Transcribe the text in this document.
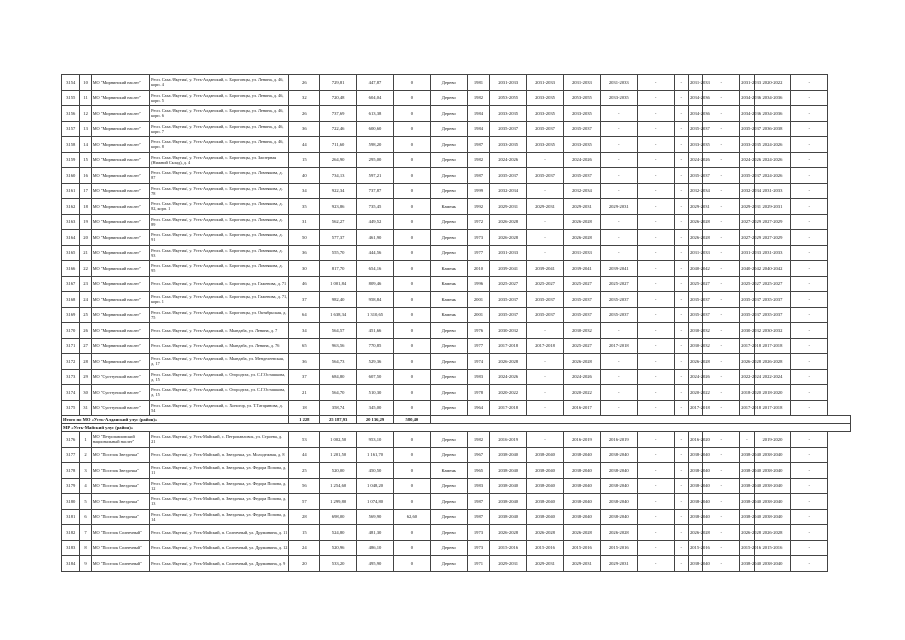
3154	10	МО "Мирнинский наслег"	Респ. Саха /Якутия/, у. Усть-Алданский, с. Борогонцы, ул. Ленина, д. 46, корп. 4	26	729,81	447,87	0	Дерево	1981	2031-2033	2031-2033	2031-2033	2031-2033	-	-	2031-2033	-	2031-2033	2020-2022	-
3155	11	МО "Мирнинский наслег"	Респ. Саха /Якутия/, у. Усть-Алданский, с. Борогонцы, ул. Ленина, д. 46, корп. 5	32	720,48	604,04	0	Дерево	1982	2053-2055	2033-2035	2053-2055	2033-2035	-	-	2034-2036	-	2034-2036	2034-2036	-
3156	12	МО "Мирнинский наслег"	Респ. Саха /Якутия/, у. Усть-Алданский, с. Борогонцы, ул. Ленина, д. 46, корп. 6	26	737,69	613,38	0	Дерево	1984	2033-2035	2033-2035	2033-2035	-	-	-	2034-2036	-	2034-2036	2034-2036	-
3157	13	МО "Мирнинский наслег"	Респ. Саха /Якутия/, у. Усть-Алданский, с. Борогонцы, ул. Ленина, д. 46, корп. 7	36	722,46	600,60	0	Дерево	1984	2035-2037	2035-2037	2035-2037	-	-	-	2035-2037	-	2035-2037	2036-2038	-
3158	14	МО "Мирнинский наслег"	Респ. Саха /Якутия/, у. Усть-Алданский, с. Борогонцы, ул. Ленина, д. 46, корп. 8	44	711,60	598,20	0	Дерево	1987	2033-2035	2033-2035	2033-2035	-	-	-	2033-2035	-	2033-2035	2024-2026	-
3159	15	МО "Мирнинский наслег"	Респ. Саха /Якутия/, у. Усть-Алданский, с. Борогонцы, ул. Заозерная (Нижний Склад), д. 4	15	264,90	295,00	0	Дерево	1982	2024-2026	-	2024-2026	-	-	-	2024-2026	-	2024-2026	2024-2026	-
3160	16	МО "Мирнинский наслег"	Респ. Саха /Якутия/, у. Усть-Алданский, с. Борогонцы, ул. Ломтякова, д. 87	40	734,13	597,21	0	Дерево	1987	2035-2037	2035-2037	2035-2037	-	-	-	2035-2037	-	2035-2037	2024-2026	-
3161	17	МО "Мирнинский наслег"	Респ. Саха /Якутия/, у. Усть-Алданский, с. Борогонцы, ул. Ломтякова, д. 78	34	922,34	737,87	0	Дерево	1999	2032-2034	-	2032-2034	-	-	-	2032-2034	-	2032-2034	2031-2033	-
3162	18	МО "Мирнинский наслег"	Респ. Саха /Якутия/, у. Усть-Алданский, с. Борогонцы, ул. Ломтякова, д. 82, корп. 1	35	923,86	735,45	0	Камень	1992	2029-2031	2029-2031	2029-2031	2029-2031	-	-	2029-2031	-	2029-2031	2029-2031	-
3163	19	МО "Мирнинский наслег"	Респ. Саха /Якутия/, у. Усть-Алданский, с. Борогонцы, ул. Ломтякова, д. 89	31	562,27	449,52	0	Дерево	1972	2026-2028	-	2026-2028	-	-	-	2026-2028	-	2027-2029	2027-2029	-
3164	20	МО "Мирнинский наслег"	Респ. Саха /Якутия/, у. Усть-Алданский, с. Борогонцы, ул. Ломтякова, д. 91	50	577,37	461,90	0	Дерево	1973	2026-2028	-	2026-2028	-	-	-	2026-2028	-	2027-2029	2027-2029	-
3165	21	МО "Мирнинский наслег"	Респ. Саха /Якутия/, у. Усть-Алданский, с. Борогонцы, ул. Ломтякова, д. 93	36	555,70	444,56	0	Дерево	1977	2031-2033	-	2031-2033	-	-	-	2031-2033	-	2031-2033	2031-2033	-
3166	22	МО "Мирнинский наслег"	Респ. Саха /Якутия/, у. Усть-Алданский, с. Борогонцы, ул. Ломтякова, д. 95	30	817,70	654,16	0	Камень	2010	2039-2041	2039-2041	2039-2041	2039-2041	-	-	2040-2042	-	2040-2042	2040-2042	-
3167	23	МО "Мирнинский наслег"	Респ. Саха /Якутия/, у. Усть-Алданский, с. Борогонцы, ул. Гаженова, д. 71	46	1 001,84	809,46	0	Камень	1996	2025-2027	2025-2027	2025-2027	2025-2027	-	-	2025-2027	-	2025-2027	2025-2027	-
3168	24	МО "Мирнинский наслег"	Респ. Саха /Якутия/, у. Усть-Алданский, с. Борогонцы, ул. Гаженова, д. 71, корп. 1	37	982,40	958,84	0	Камень	2001	2035-2037	2035-2037	2035-2037	2035-2037	-	-	2035-2037	-	2035-2037	2035-2037	-
3169	25	МО "Мирнинский наслег"	Респ. Саха /Якутия/, у. Усть-Алданский, с. Борогонцы, ул. Октябрьская, д. 75	64	1 638,34	1 310,65	0	Камень	2001	2035-2037	2035-2037	2035-2037	2035-2037	-	-	2035-2037	-	2035-2037	2035-2037	-
3170	26	МО "Мирнинский наслег"	Респ. Саха /Якутия/, у. Усть-Алданский, с. Мындаба, ул. Ленина, д. 7	34	564,57	451,66	0	Дерево	1976	2030-2032	-	2030-2032	-	-	-	2030-2032	-	2030-2032	2030-2032	-
3171	27	МО "Мирнинский наслег"	Респ. Саха /Якутия/, у. Усть-Алданский, с. Мындаба, ул. Ленина, д. 76	65	963,56	770,85	0	Дерево	1977	2017-2018	2017-2018	2025-2027	2017-2018	-	-	2030-2032	-	2017-2018	2017-2018	-
3172	28	МО "Мирнинский наслег"	Респ. Саха /Якутия/, у. Усть-Алданский, с. Мындаба, ул. Менделеевская, д. 17	36	564,73	529,36	0	Дерево	1974	2026-2028	-	2026-2028	-	-	-	2026-2028	-	2026-2028	2026-2028	-
3173	29	МО "Суоттунский наслег"	Респ. Саха /Якутия/, у. Усть-Алданский, с. Огородтах, ул. С.Г.Осташкова, д. 15	37	684,80	607,50	0	Дерево	1983	2024-2026	-	2024-2026	-	-	-	2024-2026	-	2022-2024	2022-2024	-
3174	30	МО "Суоттунский наслег"	Респ. Саха /Якутия/, у. Усть-Алданский, с. Огородтах, ул. С.Г.Осташкова, д. 15	21	564,70	510,30	0	Дерево	1978	2020-2022	-	2020-2022	-	-	-	2020-2022	-	2018-2020	2018-2020	-
3175	31	МО "Суоттунский наслег"	Респ. Саха /Якутия/, у. Усть-Алданский, с. Хоногор, ул. Т.Татаринова, д. 54	18	358,74	345,00	0	Дерево	1964	2017-2018	-	2016-2017	-	-	-	2017-2018	-	2017-2018	2017-2018	-
Итого по МО «Усть-Алданский улус (район)»				1 228	25 187,93	20 136,29	580,40													
МР «Усть-Майский улус (район)»																				
3176	1	МО "Петропавловский национальный наслег"	Респ. Саха /Якутия/, у. Усть-Майский, с. Петропавловск, ул. Строева, д. 21	53	1 002,50	953,10	0	Дерево	1982	2016-2019	-	2016-2019	2016-2019	-	-	2016-2020	-	-	2019-2020	-
3177	2	МО "Поселок Звездочка"	Респ. Саха /Якутия/, у. Усть-Майский, п. Звездочка, ул. Молодежная, д. 8	44	1 201,50	1 161,70	0	Дерево	1967	2038-2040	2038-2040	2038-2040	2038-2040	-	-	2038-2040	-	2038-2040	2038-2040	-
3178	3	МО "Поселок Звездочка"	Респ. Саха /Якутия/, у. Усть-Майский, п. Звездочка, ул. Федора Попова, д. 11	25	520,00	450,50	0	Камень	1965	2038-2040	2038-2040	2038-2040	2038-2040	-	-	2038-2040	-	2038-2040	2038-2040	-
3179	4	МО "Поселок Звездочка"	Респ. Саха /Якутия/, у. Усть-Майский, п. Звездочка, ул. Федора Попова, д. 12	56	1 254,60	1 048,20	0	Дерево	1983	2038-2040	2038-2040	2038-2040	2038-2040	-	-	2038-2040	-	2038-2040	2038-2040	-
3180	5	МО "Поселок Звездочка"	Респ. Саха /Якутия/, у. Усть-Майский, п. Звездочка, ул. Федора Попова, д. 13	57	1 299,80	1 074,80	0	Дерево	1987	2038-2040	2038-2040	2038-2040	2038-2040	-	-	2038-2040	-	2038-2040	2038-2040	-
3181	6	МО "Поселок Звездочка"	Респ. Саха /Якутия/, у. Усть-Майский, п. Звездочка, ул. Федора Попова, д. 14	28	698,00	569,90	62,60	Дерево	1987	2038-2040	2038-2040	2038-2040	2038-2040	-	-	2038-2040	-	2038-2040	2038-2040	-
3182	7	МО "Поселок Солнечный"	Респ. Саха /Якутия/, у. Усть-Майский, п. Солнечный, ул. Дружинина, д. 11	15	524,80	481,30	0	Дерево	1973	2026-2028	2026-2028	2026-2028	2026-2028	-	-	2026-2028	-	2026-2028	2026-2028	-
3183	8	МО "Поселок Солнечный"	Респ. Саха /Якутия/, у. Усть-Майский, п. Солнечный, ул. Дружинина, д. 12	24	520,96	486,10	0	Дерево	1973	2015-2016	2015-2016	2015-2016	2015-2016	-	-	2015-2016	-	2015-2016	2015-2016	-
3184	9	МО "Поселок Солнечный"	Респ. Саха /Якутия/, у. Усть-Майский, п. Солнечный, ул. Дружинина, д. 9	20	533,20	495,90	0	Дерево	1971	2029-2031	2029-2031	2029-2031	2029-2031	-	-	2038-2040	-	2038-2040	2038-2040	-
